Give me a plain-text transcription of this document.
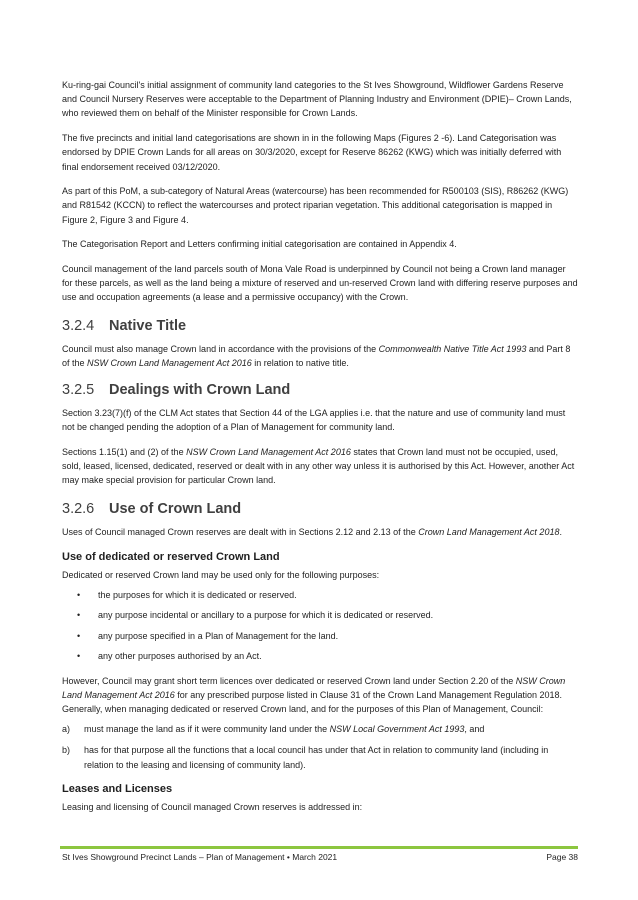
Ku-ring-gai Council's initial assignment of community land categories to the St Ives Showground, Wildflower Gardens Reserve and Council Nursery Reserves were acceptable to the Department of Planning Industry and Environment (DPIE)– Crown Lands, who reviewed them on behalf of the Minister responsible for Crown Lands.

The five precincts and initial land categorisations are shown in in the following Maps (Figures 2 -6). Land Categorisation was endorsed by DPIE Crown Lands for all areas on 30/3/2020, except for Reserve 86262 (KWG) which was initially deferred with final endorsement received 03/12/2020.

As part of this PoM, a sub-category of Natural Areas (watercourse) has been recommended for R500103 (SIS), R86262 (KWG) and R81542 (KCCN) to reflect the watercourses and protect riparian vegetation. This additional categorisation is mapped in Figure 2, Figure 3 and Figure 4.

The Categorisation Report and Letters confirming initial categorisation are contained in Appendix 4.

Council management of the land parcels south of Mona Vale Road is underpinned by Council not being a Crown land manager for these parcels, as well as the land being a mixture of reserved and un-reserved Crown land with differing reserve purposes and use and occupation agreements (a lease and a permissive occupancy) with the Crown.

3.2.4	Native Title

Council must also manage Crown land in accordance with the provisions of the Commonwealth Native Title Act 1993 and Part 8 of the NSW Crown Land Management Act 2016 in relation to native title.

3.2.5	Dealings with Crown Land

Section 3.23(7)(f) of the CLM Act states that Section 44 of the LGA applies i.e. that the nature and use of community land must not be changed pending the adoption of a Plan of Management for community land.

Sections 1.15(1) and (2) of the NSW Crown Land Management Act 2016 states that Crown land must not be occupied, used, sold, leased, licensed, dedicated, reserved or dealt with in any other way unless it is authorised by this Act. However, another Act may make special provision for particular Crown land.

3.2.6	Use of Crown Land

Uses of Council managed Crown reserves are dealt with in Sections 2.12 and 2.13 of the Crown Land Management Act 2018.

Use of dedicated or reserved Crown Land

Dedicated or reserved Crown land may be used only for the following purposes:

• the purposes for which it is dedicated or reserved.
• any purpose incidental or ancillary to a purpose for which it is dedicated or reserved.
• any purpose specified in a Plan of Management for the land.
• any other purposes authorised by an Act.

However, Council may grant short term licences over dedicated or reserved Crown land under Section 2.20 of the NSW Crown Land Management Act 2016 for any prescribed purpose listed in Clause 31 of the Crown Land Management Regulation 2018. Generally, when managing dedicated or reserved Crown land, and for the purposes of this Plan of Management, Council:

a) must manage the land as if it were community land under the NSW Local Government Act 1993, and
b) has for that purpose all the functions that a local council has under that Act in relation to community land (including in relation to the leasing and licensing of community land).
Leases and Licenses

Leasing and licensing of Council managed Crown reserves is addressed in:

St Ives Showground Precinct Lands – Plan of Management • March 2021	Page 38
